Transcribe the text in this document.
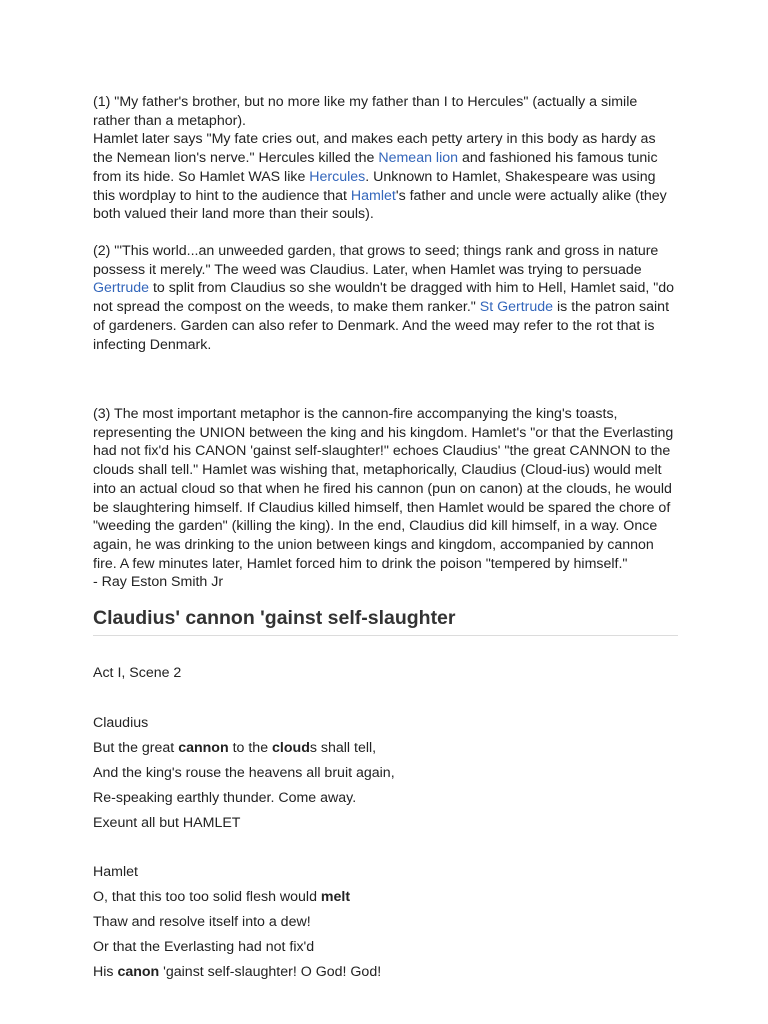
(1) "My father's brother, but no more like my father than I to Hercules" (actually a simile rather than a metaphor).
Hamlet later says "My fate cries out, and makes each petty artery in this body as hardy as the Nemean lion's nerve." Hercules killed the Nemean lion and fashioned his famous tunic from its hide. So Hamlet WAS like Hercules. Unknown to Hamlet, Shakespeare was using this wordplay to hint to the audience that Hamlet's father and uncle were actually alike (they both valued their land more than their souls).

(2) "'This world...an unweeded garden, that grows to seed; things rank and gross in nature possess it merely." The weed was Claudius. Later, when Hamlet was trying to persuade Gertrude to split from Claudius so she wouldn't be dragged with him to Hell, Hamlet said, "do not spread the compost on the weeds, to make them ranker." St Gertrude is the patron saint of gardeners. Garden can also refer to Denmark. And the weed may refer to the rot that is infecting Denmark.

(3) The most important metaphor is the cannon-fire accompanying the king's toasts, representing the UNION between the king and his kingdom. Hamlet's "or that the Everlasting had not fix'd his CANON 'gainst self-slaughter!" echoes Claudius' "the great CANNON to the clouds shall tell." Hamlet was wishing that, metaphorically, Claudius (Cloud-ius) would melt into an actual cloud so that when he fired his cannon (pun on canon) at the clouds, he would be slaughtering himself. If Claudius killed himself, then Hamlet would be spared the chore of "weeding the garden" (killing the king). In the end, Claudius did kill himself, in a way. Once again, he was drinking to the union between kings and kingdom, accompanied by cannon fire. A few minutes later, Hamlet forced him to drink the poison "tempered by himself."
- Ray Eston Smith Jr

Claudius' cannon 'gainst self-slaughter

Act I, Scene 2

Claudius

But the great cannon to the clouds shall tell,

And the king's rouse the heavens all bruit again,

Re-speaking earthly thunder. Come away.

Exeunt all but HAMLET

Hamlet

O, that this too too solid flesh would melt

Thaw and resolve itself into a dew!

Or that the Everlasting had not fix'd

His canon 'gainst self-slaughter! O God! God!
